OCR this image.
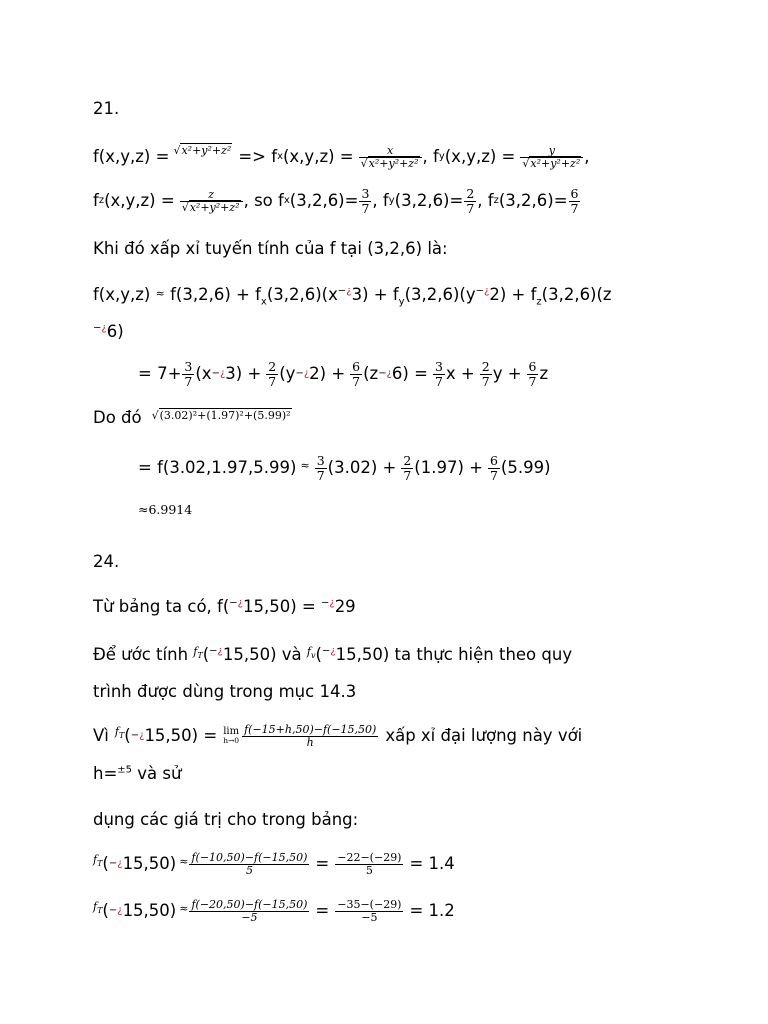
21.
f(x,y,z) = √x²+y²+z² => f x $(x,y,z) = \frac{x}{\text{√x²+y²+z²}}$ , f y $(x,y,z) = \frac{y}{\text{√x²+y²+z²}}$ ,
f z $(x,y,z) = \frac{z}{\text{√x²+y²+z²}}$ , so f x $(3,2,6)= \frac{3}{7}$ , f y $(3,2,6)= \frac{2}{7}$ , f z $(3,2,6)= \frac{6}{7}$
Khi đó xấp xỉ tuyến tính của f tại (3,2,6) là:
$f(x,y,z) \approx f(3,2,6) + f_x(3,2,6)(x^{-¿}3) + f_y(3,2,6)(y^{-¿}2) + f_z(3,2,6)(z$
−¿6)
= $7+ \frac{3}{7} (x$ − ¿ $3) + \frac{2}{7} (y$ − ¿ $2) + \frac{6}{7} (z$ − ¿ $6) = \frac{3}{7}$ $x + \frac{2}{7}$ $y + \frac{6}{7}$ z
Do đó √(3.02)²+(1.97)²+(5.99)²
= $f(3.02,1.97,5.99) \approx \frac{3}{7} (3.02) + \frac{2}{7} (1.97) + \frac{6}{7} (5.99)$
≈6.9914
24.
Từ bảng ta có, f(−¿15,50) = −¿29
Để ước tính $^{f_T}$(−¿15,50) và $^{f_v}$(−¿15,50) ta thực hiện theo quy
trình được dùng trong mục 14.3
Vì $f_T$ ( − ¿ 15,50) = lim
$h\to 0 \frac{f(-15+h,50)-f(-15,50)}{h}$ xấp xỉ đại lượng này với
h=$^{\pm 5}$ và sử
dụng các giá trị cho trong bảng:
$f_T$ ( − ¿ $15,50) \approx \frac{f(-10,50)-f(-15,50)}{5} = \frac{-22-(-29)}{5} = 1.4$
$f_T$ ( − ¿ $15,50) \approx \frac{f(-20,50)-f(-15,50)}{-5} = \frac{-35-(-29)}{-5} = 1.2$
